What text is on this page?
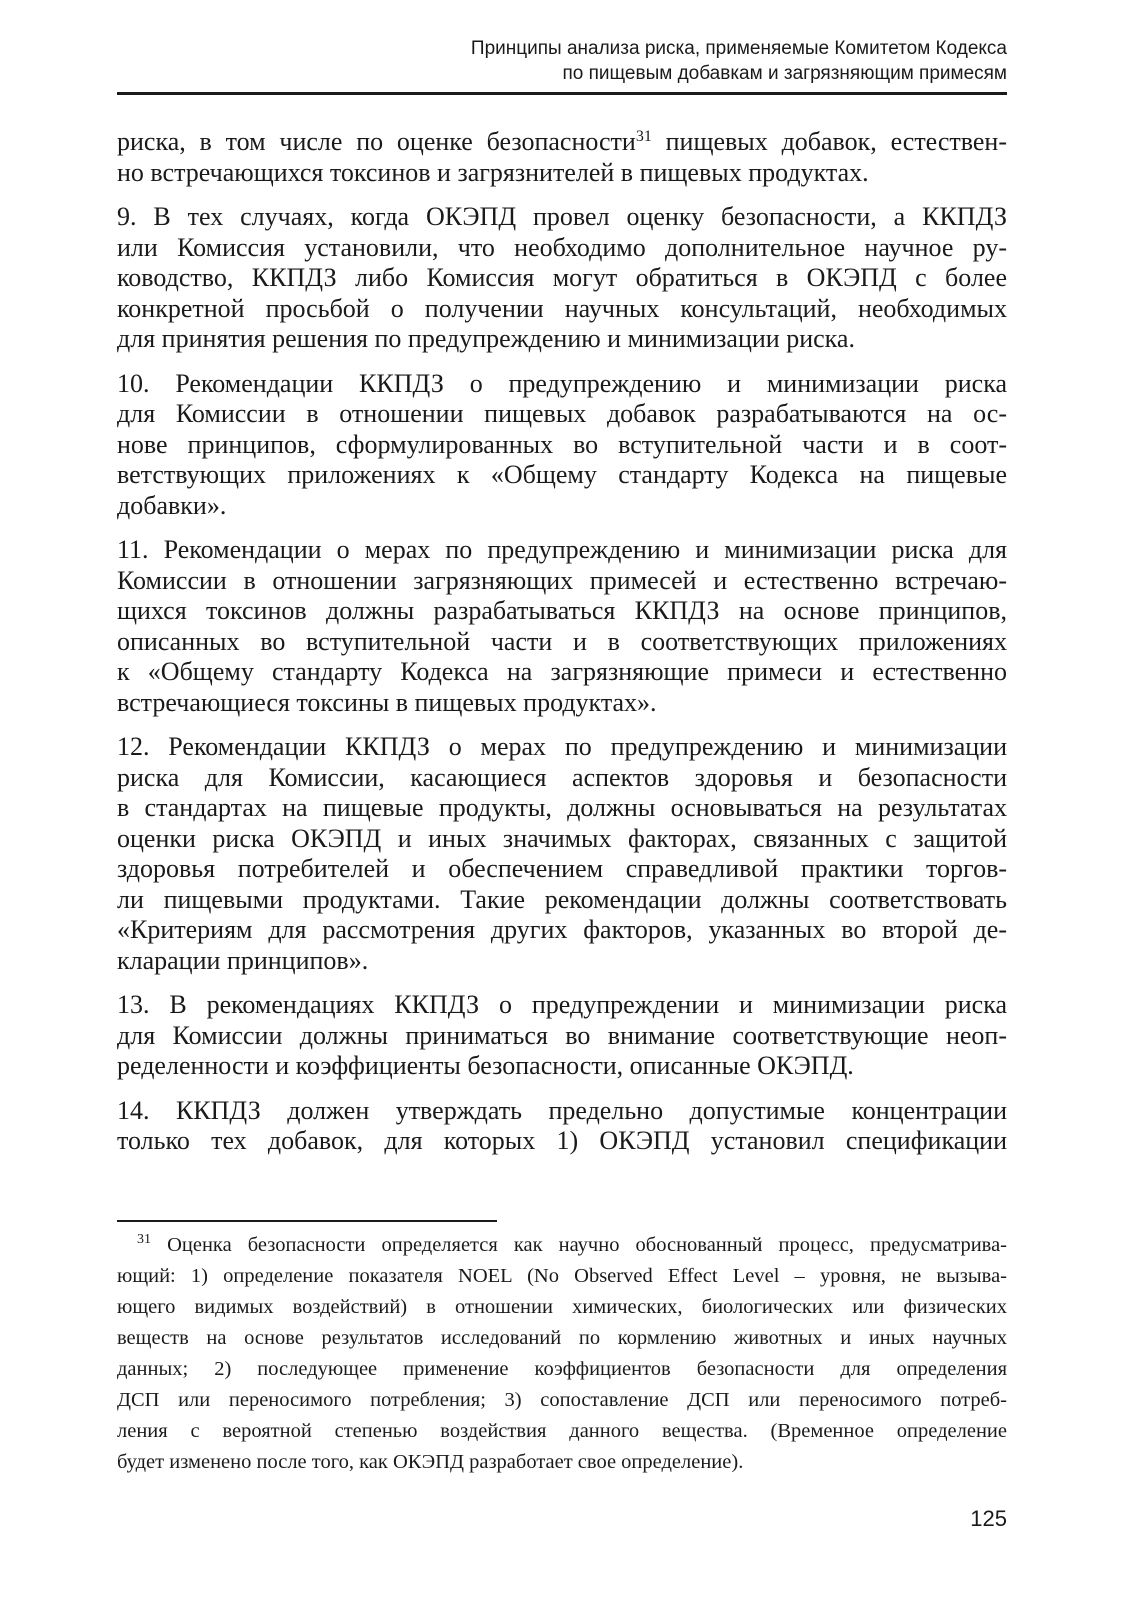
Принципы анализа риска, применяемые Комитетом Кодекса
по пищевым добавкам и загрязняющим примесям
риска, в том числе по оценке безопасности$^{31}$ пищевых добавок, естествен-
но встречающихся токсинов и загрязнителей в пищевых продуктах.
9. В тех случаях, когда ОКЭПД провел оценку безопасности, а ККПДЗ
или Комиссия установили, что необходимо дополнительное научное ру-
ководство, ККПДЗ либо Комиссия могут обратиться в ОКЭПД с более
конкретной просьбой о получении научных консультаций, необходимых
для принятия решения по предупреждению и минимизации риска.
10. Рекомендации ККПДЗ о предупреждению и минимизации риска
для Комиссии в отношении пищевых добавок разрабатываются на ос-
нове принципов, сформулированных во вступительной части и в соот-
ветствующих приложениях к «Общему стандарту Кодекса на пищевые
добавки».
11. Рекомендации о мерах по предупреждению и минимизации риска для
Комиссии в отношении загрязняющих примесей и естественно встречаю-
щихся токсинов должны разрабатываться ККПДЗ на основе принципов,
описанных во вступительной части и в соответствующих приложениях
к «Общему стандарту Кодекса на загрязняющие примеси и естественно
встречающиеся токсины в пищевых продуктах».
12. Рекомендации ККПДЗ о мерах по предупреждению и минимизации
риска для Комиссии, касающиеся аспектов здоровья и безопасности
в стандартах на пищевые продукты, должны основываться на результатах
оценки риска ОКЭПД и иных значимых факторах, связанных с защитой
здоровья потребителей и обеспечением справедливой практики торгов-
ли пищевыми продуктами. Такие рекомендации должны соответствовать
«Критериям для рассмотрения других факторов, указанных во второй де-
кларации принципов».
13. В рекомендациях ККПДЗ о предупреждении и минимизации риска
для Комиссии должны приниматься во внимание соответствующие неоп-
ределенности и коэффициенты безопасности, описанные ОКЭПД.
14. ККПДЗ должен утверждать предельно допустимые концентрации
только тех добавок, для которых 1) ОКЭПД установил спецификации
$^{31}$ Оценка безопасности определяется как научно обоснованный процесс, предусматрива-
ющий: 1) определение показателя NOEL (No Observed Effect Level – уровня, не вызыва-
ющего видимых воздействий) в отношении химических, биологических или физических
веществ на основе результатов исследований по кормлению животных и иных научных
данных; 2) последующее применение коэффициентов безопасности для определения
ДСП или переносимого потребления; 3) сопоставление ДСП или переносимого потреб-
ления с вероятной степенью воздействия данного вещества. (Временное определение
будет изменено после того, как ОКЭПД разработает свое определение).
125
